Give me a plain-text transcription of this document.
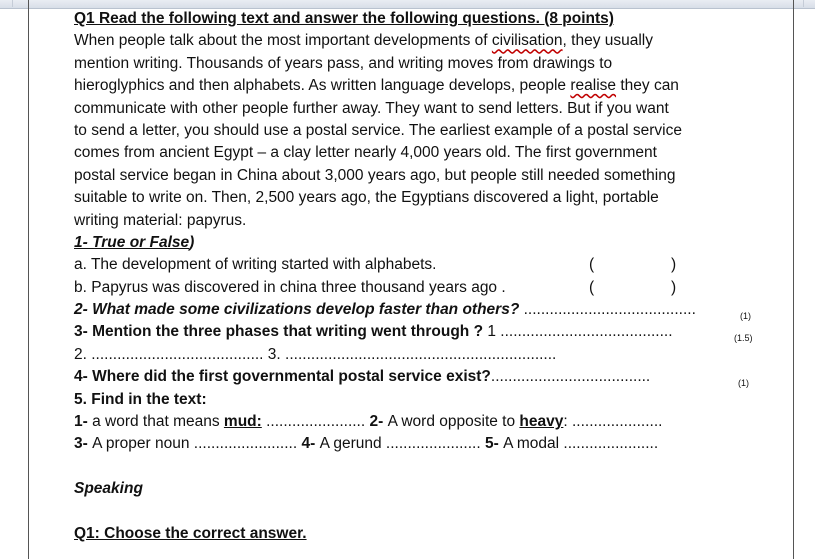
Q1 Read the following text and answer the following questions. (8 points)
When people talk about the most important developments of civilisation, they usually
mention writing. Thousands of years pass, and writing moves from drawings to
hieroglyphics and then alphabets. As written language develops, people realise they can
communicate with other people further away. They want to send letters. But if you want
to send a letter, you should use a postal service. The earliest example of a postal service
comes from ancient Egypt – a clay letter nearly 4,000 years old. The first government
postal service began in China about 3,000 years ago, but people still needed something
suitable to write on. Then, 2,500 years ago, the Egyptians discovered a light, portable
writing material: papyrus.
1- True or False)
a. The development of writing started with alphabets.	(	)
b. Papyrus was discovered in china three thousand years ago .	(	)
2- What made some civilizations develop faster than others? ........................................	(1)
3- Mention the three phases that writing went through ? 1 ........................................	(1.5)
2. ........................................ 3. ...............................................................
4- Where did the first governmental postal service exist?.....................................	(1)
5. Find in the text:
1- a word that means mud: ....................... 2- A word opposite to heavy: .....................
3- A proper noun ........................ 4- A gerund ...................... 5- A modal ......................
Speaking
Q1: Choose the correct answer.
